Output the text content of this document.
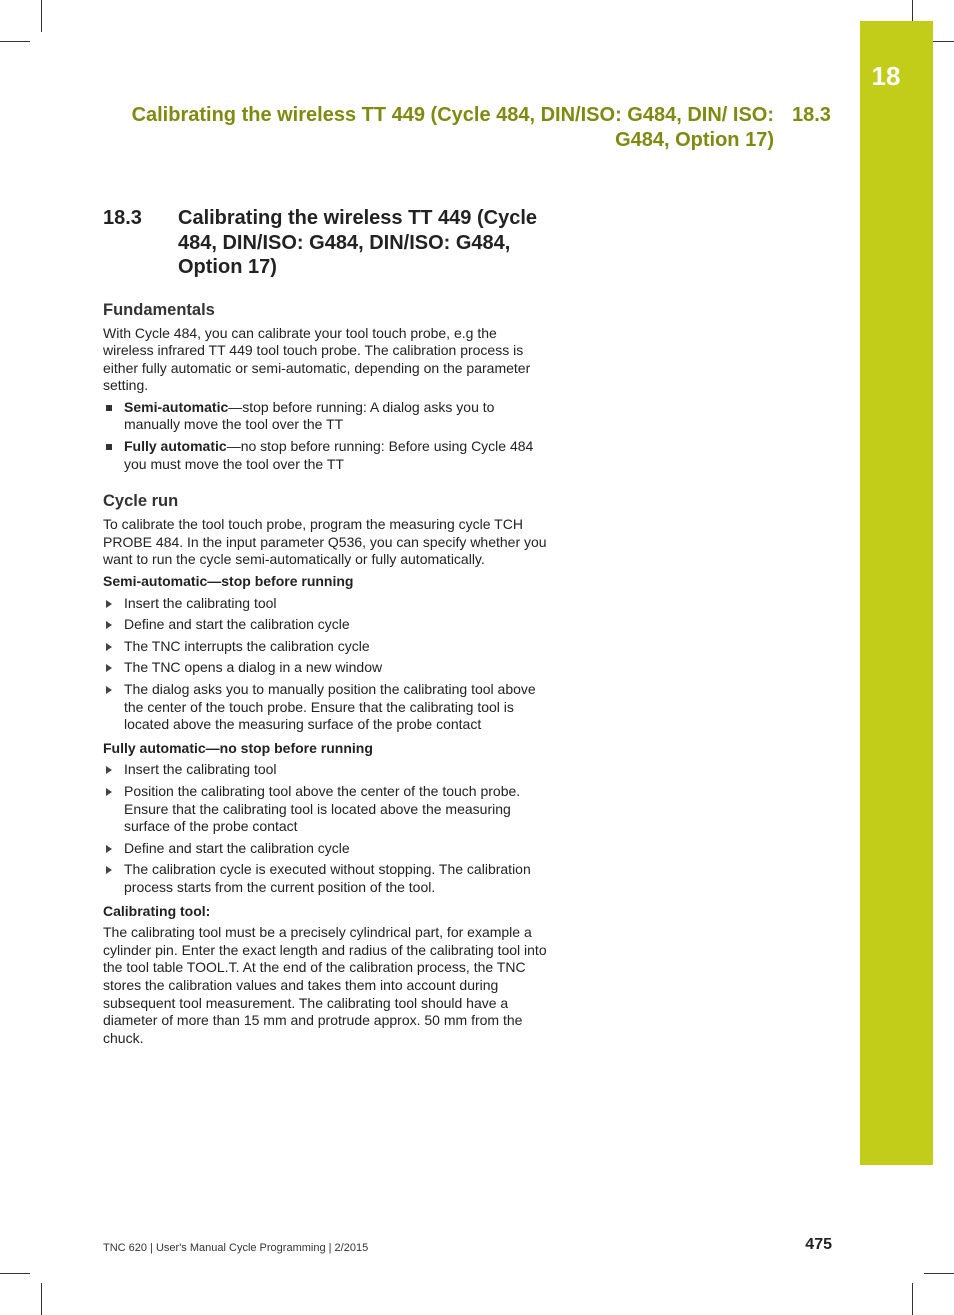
18
Calibrating the wireless TT 449 (Cycle 484, DIN/ISO: G484, DIN/ ISO: G484, Option 17)
18.3
18.3 Calibrating the wireless TT 449 (Cycle 484, DIN/ISO: G484, DIN/ISO: G484, Option 17)
Fundamentals

With Cycle 484, you can calibrate your tool touch probe, e.g the wireless infrared TT 449 tool touch probe. The calibration process is either fully automatic or semi-automatic, depending on the parameter setting.

Semi-automatic—stop before running: A dialog asks you to manually move the tool over the TT
Fully automatic—no stop before running: Before using Cycle 484 you must move the tool over the TT
Cycle run

To calibrate the tool touch probe, program the measuring cycle TCH PROBE 484. In the input parameter Q536, you can specify whether you want to run the cycle semi-automatically or fully automatically.

Semi-automatic—stop before running
Insert the calibrating tool
Define and start the calibration cycle
The TNC interrupts the calibration cycle
The TNC opens a dialog in a new window
The dialog asks you to manually position the calibrating tool above the center of the touch probe. Ensure that the calibrating tool is located above the measuring surface of the probe contact
Fully automatic—no stop before running
Insert the calibrating tool
Position the calibrating tool above the center of the touch probe. Ensure that the calibrating tool is located above the measuring surface of the probe contact
Define and start the calibration cycle
The calibration cycle is executed without stopping. The calibration process starts from the current position of the tool.
Calibrating tool:

The calibrating tool must be a precisely cylindrical part, for example a cylinder pin. Enter the exact length and radius of the calibrating tool into the tool table TOOL.T. At the end of the calibration process, the TNC stores the calibration values and takes them into account during subsequent tool measurement. The calibrating tool should have a diameter of more than 15 mm and protrude approx. 50 mm from the chuck.

TNC 620 | User's Manual Cycle Programming | 2/2015	475
